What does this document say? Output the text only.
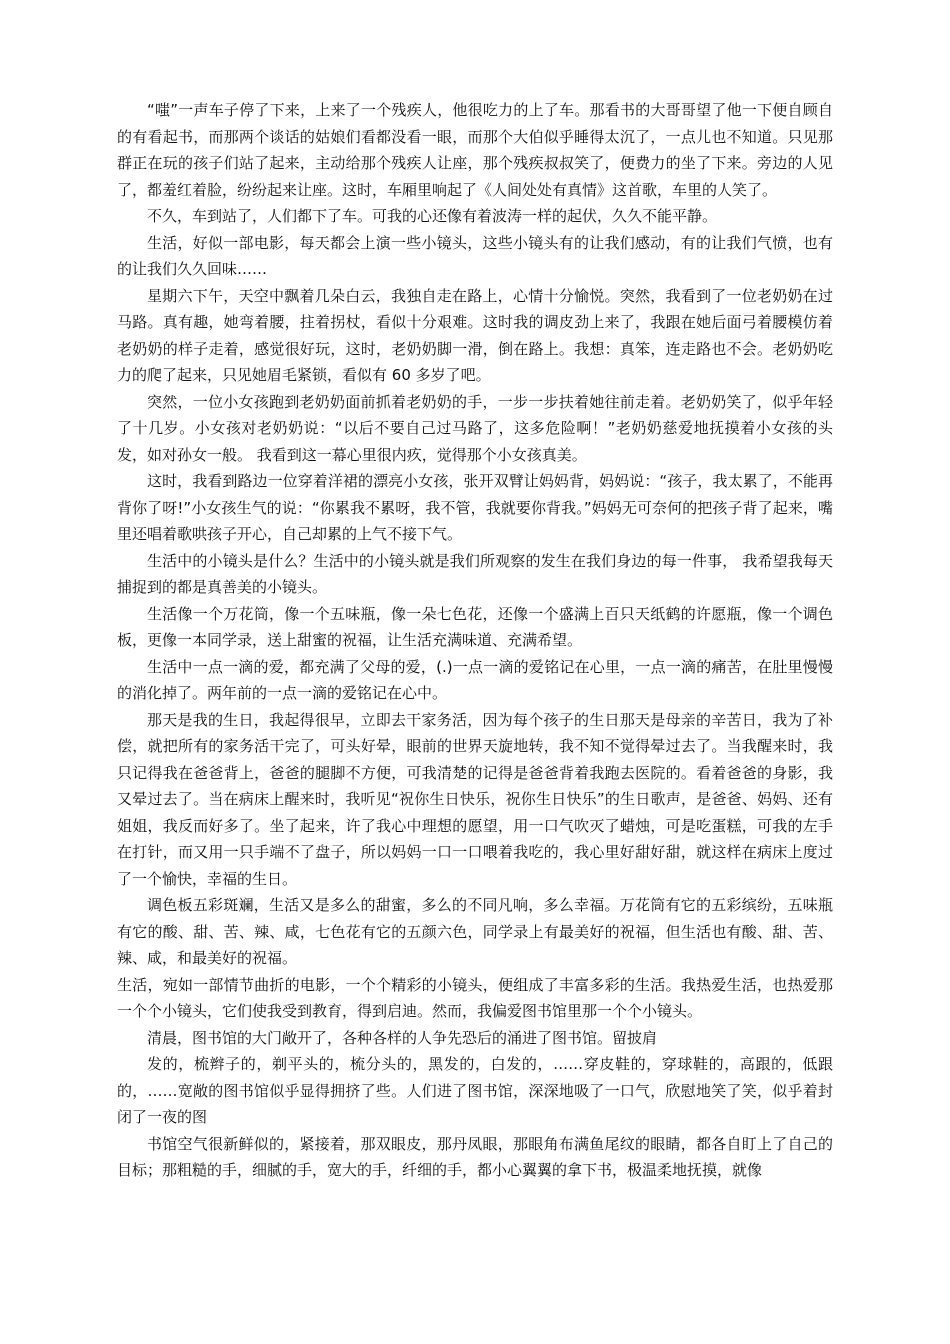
“嗤”一声车子停了下来，上来了一个残疾人，他很吃力的上了车。那看书的大哥哥望了他一下便自顾自的有看起书，而那两个谈话的姑娘们看都没看一眼，而那个大伯似乎睡得太沉了，一点儿也不知道。只见那群正在玩的孩子们站了起来，主动给那个残疾人让座，那个残疾叔叔笑了，便费力的坐了下来。旁边的人见了，都羞红着脸，纷纷起来让座。这时，车厢里响起了《人间处处有真情》这首歌，车里的人笑了。

不久，车到站了，人们都下了车。可我的心还像有着波涛一样的起伏，久久不能平静。

生活，好似一部电影，每天都会上演一些小镜头，这些小镜头有的让我们感动，有的让我们气愤，也有的让我们久久回味……

星期六下午，天空中飘着几朵白云，我独自走在路上，心情十分愉悦。突然，我看到了一位老奶奶在过马路。真有趣，她弯着腰，拄着拐杖，看似十分艰难。这时我的调皮劲上来了，我跟在她后面弓着腰模仿着老奶奶的样子走着，感觉很好玩，这时，老奶奶脚一滑，倒在路上。我想：真笨，连走路也不会。老奶奶吃力的爬了起来，只见她眉毛紧锁，看似有 60 多岁了吧。

突然，一位小女孩跑到老奶奶面前抓着老奶奶的手，一步一步扶着她往前走着。老奶奶笑了，似乎年轻了十几岁。小女孩对老奶奶说：“以后不要自己过马路了，这多危险啊！”老奶奶慈爱地抚摸着小女孩的头发，如对孙女一般。 我看到这一幕心里很内疚，觉得那个小女孩真美。

这时，我看到路边一位穿着洋裙的漂亮小女孩，张开双臂让妈妈背，妈妈说：“孩子，我太累了，不能再背你了呀!”小女孩生气的说：“你累我不累呀，我不管，我就要你背我。”妈妈无可奈何的把孩子背了起来，嘴里还唱着歌哄孩子开心，自己却累的上气不接下气。

生活中的小镜头是什么？生活中的小镜头就是我们所观察的发生在我们身边的每一件事， 我希望我每天捕捉到的都是真善美的小镜头。

生活像一个万花筒，像一个五味瓶，像一朵七色花，还像一个盛满上百只天纸鹤的许愿瓶，像一个调色板，更像一本同学录，送上甜蜜的祝福，让生活充满味道、充满希望。

生活中一点一滴的爱，都充满了父母的爱，(.)一点一滴的爱铭记在心里，一点一滴的痛苦，在肚里慢慢的消化掉了。两年前的一点一滴的爱铭记在心中。

那天是我的生日，我起得很早，立即去干家务活，因为每个孩子的生日那天是母亲的辛苦日，我为了补偿，就把所有的家务活干完了，可头好晕，眼前的世界天旋地转，我不知不觉得晕过去了。当我醒来时，我只记得我在爸爸背上，爸爸的腿脚不方便，可我清楚的记得是爸爸背着我跑去医院的。看着爸爸的身影，我又晕过去了。当在病床上醒来时，我听见“祝你生日快乐，祝你生日快乐”的生日歌声，是爸爸、妈妈、还有姐姐，我反而好多了。坐了起来，许了我心中理想的愿望，用一口气吹灭了蜡烛，可是吃蛋糕，可我的左手在打针，而又用一只手端不了盘子，所以妈妈一口一口喂着我吃的，我心里好甜好甜，就这样在病床上度过了一个愉快，幸福的生日。

调色板五彩斑斓，生活又是多么的甜蜜，多么的不同凡响，多么幸福。万花筒有它的五彩缤纷，五味瓶有它的酸、甜、苦、辣、咸，七色花有它的五颜六色，同学录上有最美好的祝福，但生活也有酸、甜、苦、辣、咸，和最美好的祝福。

生活，宛如一部情节曲折的电影，一个个精彩的小镜头，便组成了丰富多彩的生活。我热爱生活，也热爱那一个个小镜头，它们使我受到教育，得到启迪。然而，我偏爱图书馆里那一个个小镜头。

清晨，图书馆的大门敞开了，各种各样的人争先恐后的涌进了图书馆。留披肩

发的，梳辫子的，剃平头的，梳分头的，黑发的，白发的，……穿皮鞋的，穿球鞋的，高跟的，低跟的，……宽敞的图书馆似乎显得拥挤了些。人们进了图书馆，深深地吸了一口气，欣慰地笑了笑，似乎着封闭了一夜的图

书馆空气很新鲜似的，紧接着，那双眼皮，那丹凤眼，那眼角布满鱼尾纹的眼睛，都各自盯上了自己的目标；那粗糙的手，细腻的手，宽大的手，纤细的手，都小心翼翼的拿下书，极温柔地抚摸，就像
